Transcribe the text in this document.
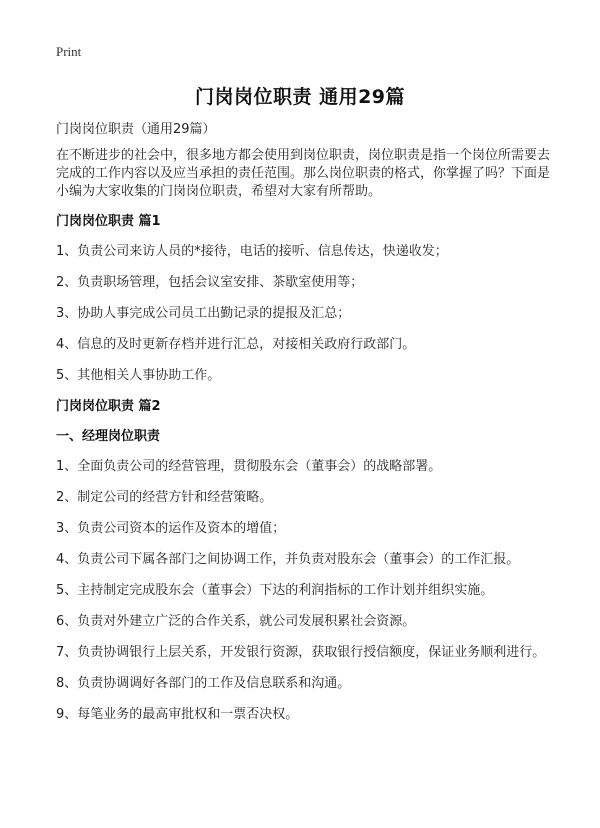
Print
门岗岗位职责 通用29篇

门岗岗位职责（通用29篇）

在不断进步的社会中，很多地方都会使用到岗位职责，岗位职责是指一个岗位所需要去完成的工作内容以及应当承担的责任范围。那么岗位职责的格式，你掌握了吗？下面是小编为大家收集的门岗岗位职责，希望对大家有所帮助。

门岗岗位职责 篇1

1、负责公司来访人员的*接待，电话的接听、信息传达，快递收发；
2、负责职场管理，包括会议室安排、茶歇室使用等；
3、协助人事完成公司员工出勤记录的提报及汇总；
4、信息的及时更新存档并进行汇总，对接相关政府行政部门。
5、其他相关人事协助工作。

门岗岗位职责 篇2

一、经理岗位职责

1、全面负责公司的经营管理，贯彻股东会（董事会）的战略部署。
2、制定公司的经营方针和经营策略。
3、负责公司资本的运作及资本的增值；
4、负责公司下属各部门之间协调工作，并负责对股东会（董事会）的工作汇报。
5、主持制定完成股东会（董事会）下达的利润指标的工作计划并组织实施。
6、负责对外建立广泛的合作关系，就公司发展积累社会资源。
7、负责协调银行上层关系，开发银行资源，获取银行授信额度，保证业务顺利进行。
8、负责协调调好各部门的工作及信息联系和沟通。
9、每笔业务的最高审批权和一票否决权。
